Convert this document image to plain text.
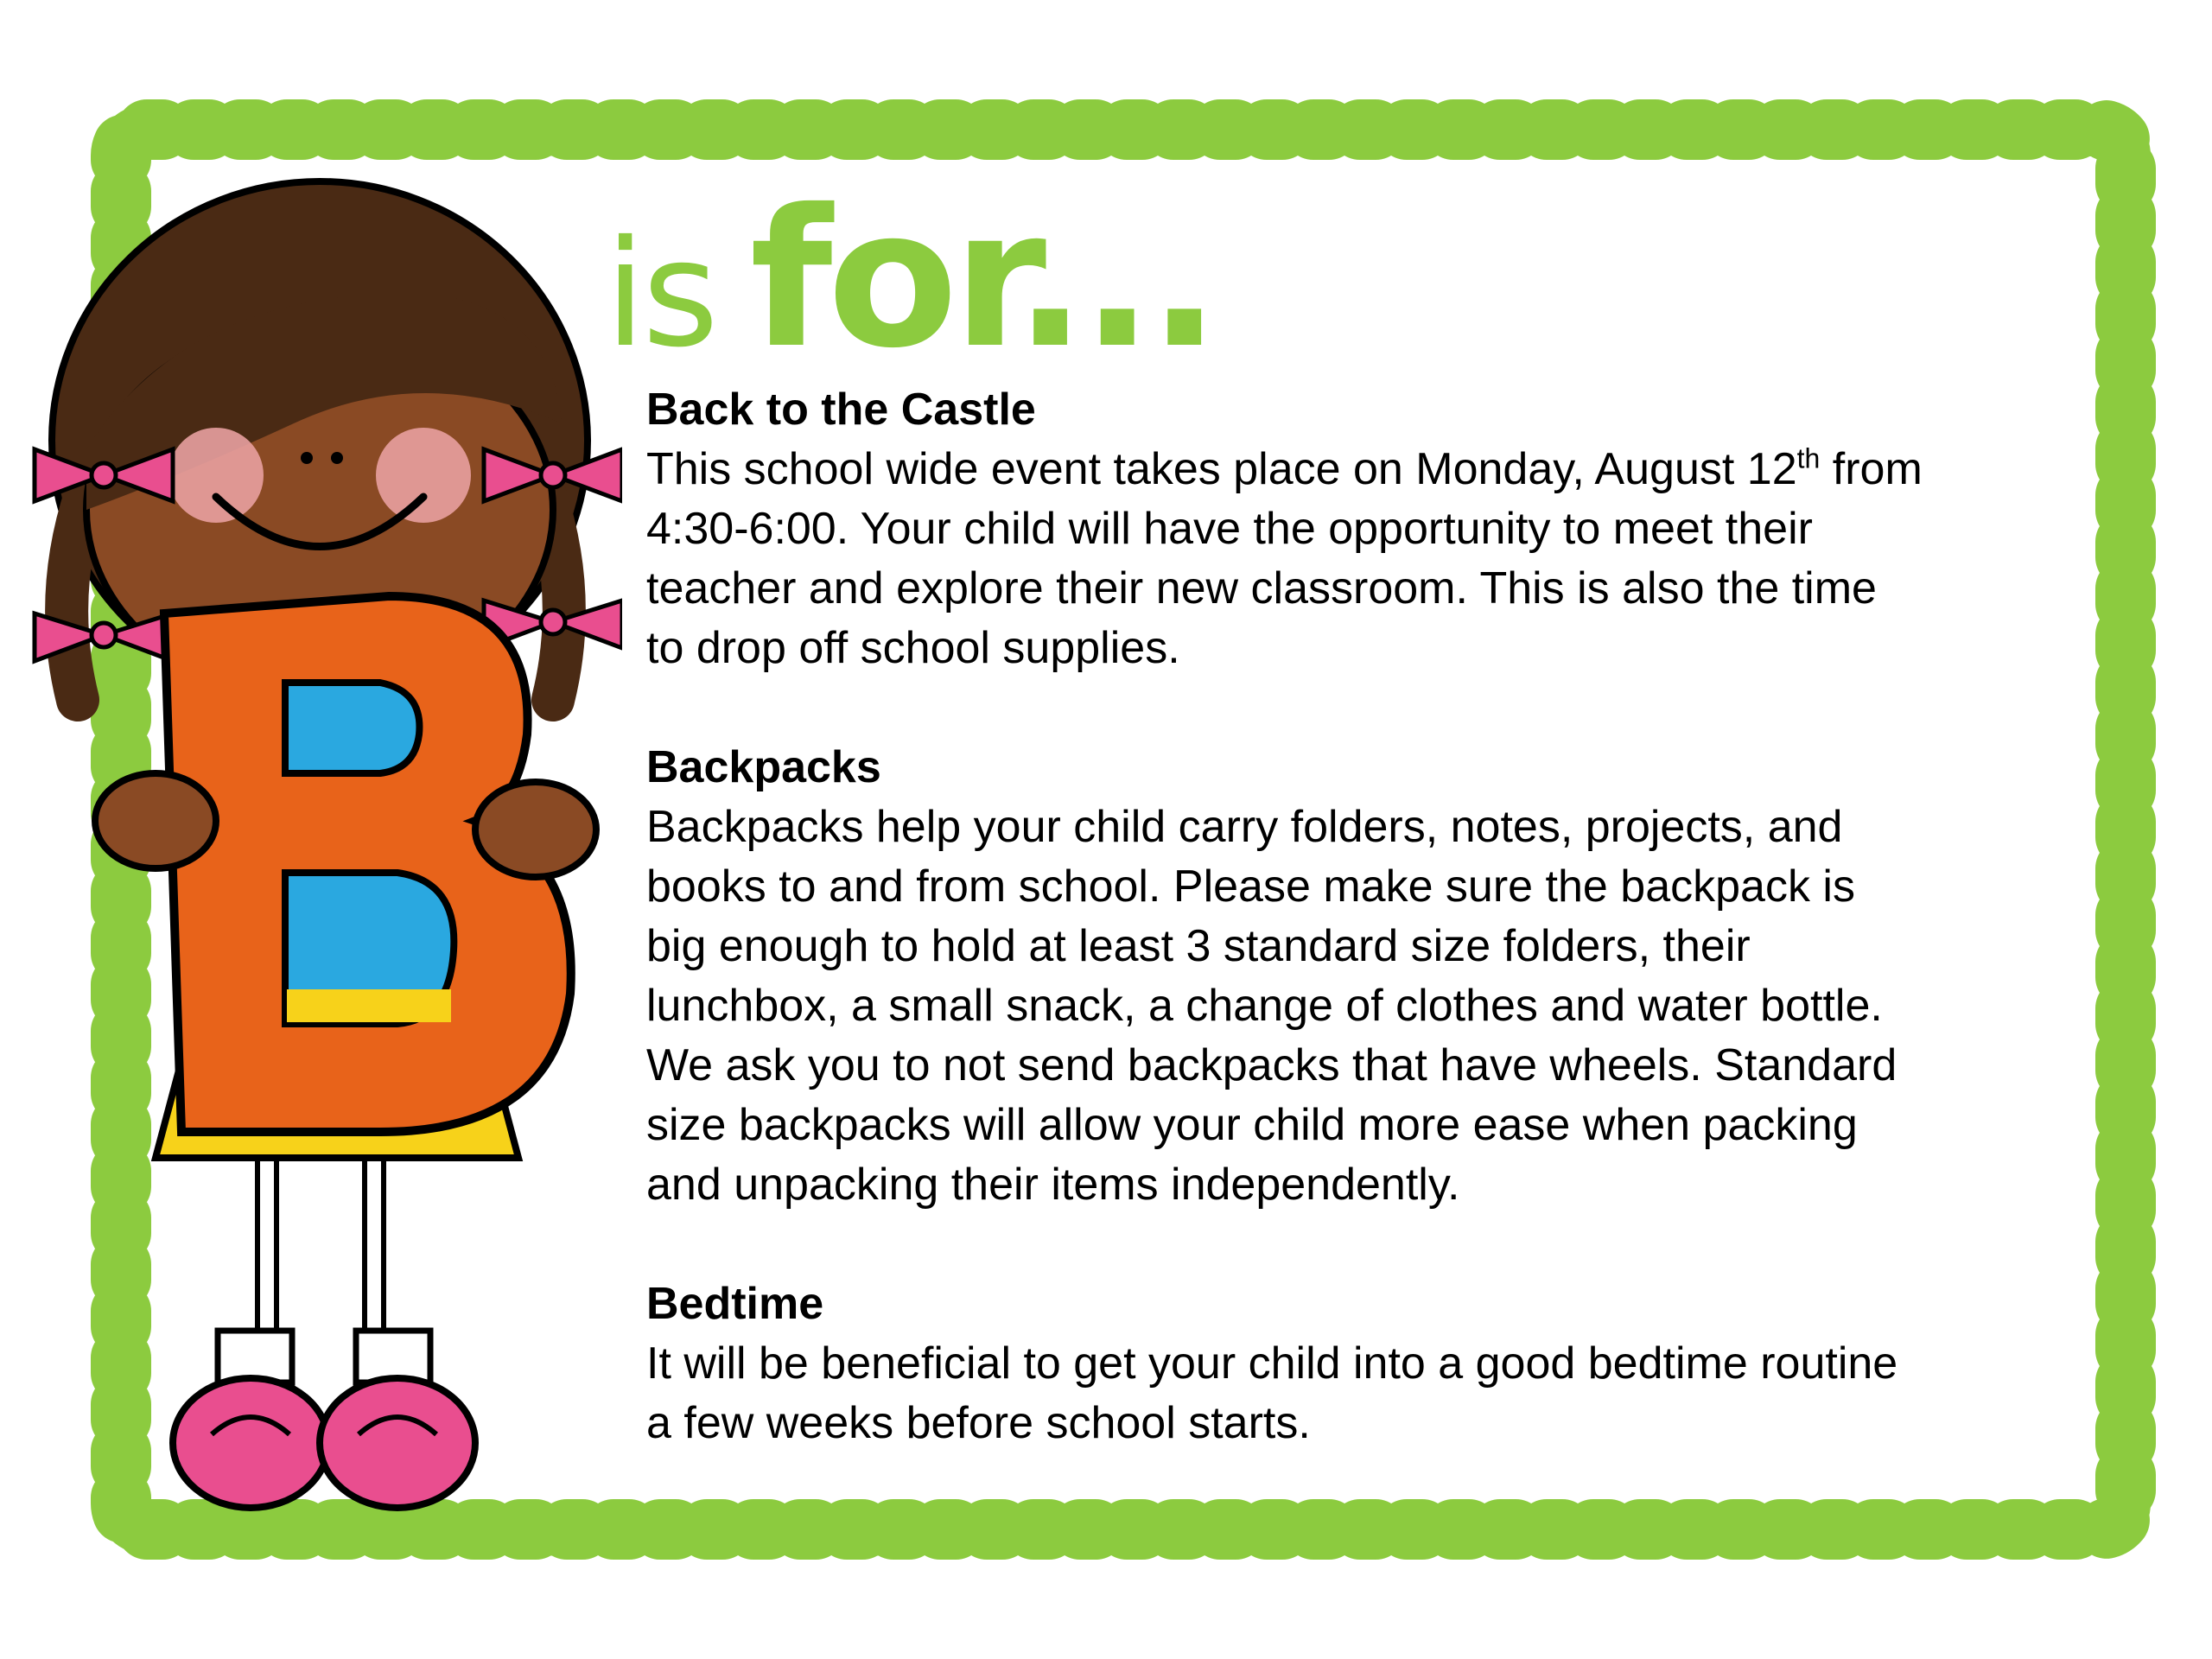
is for...
Back to the Castle
This school wide event takes place on Monday, August 12th from
4:30-6:00. Your child will have the opportunity to meet their
teacher and explore their new classroom. This is also the time
to drop off school supplies.
Backpacks
Backpacks help your child carry folders, notes, projects, and
books to and from school. Please make sure the backpack is
big enough to hold at least 3 standard size folders, their
lunchbox, a small snack, a change of clothes and water bottle.
We ask you to not send backpacks that have wheels. Standard
size backpacks will allow your child more ease when packing
and unpacking their items independently.
Bedtime
It will be beneficial to get your child into a good bedtime routine
a few weeks before school starts.
